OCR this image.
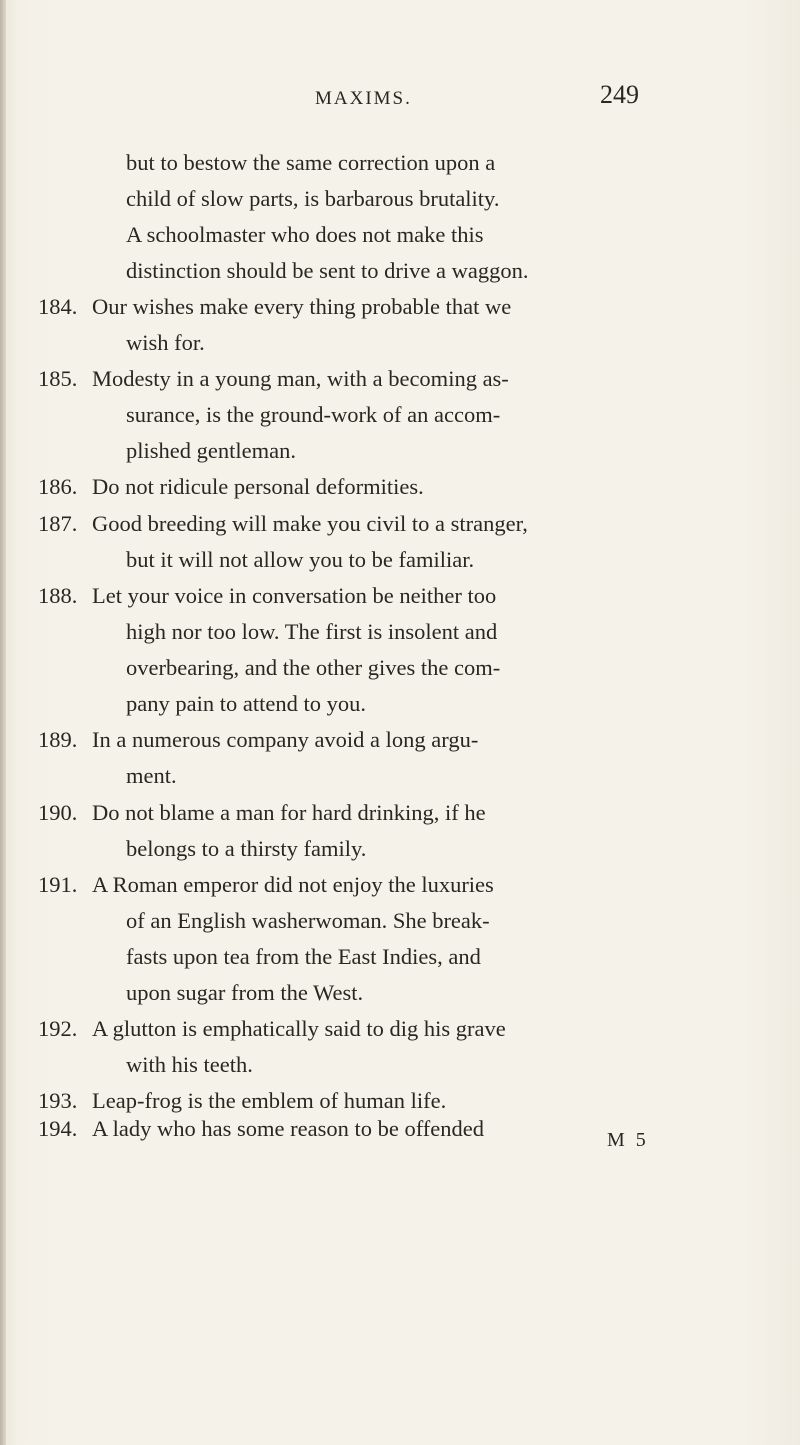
MAXIMS.	249
but to bestow the same correction upon a
child of slow parts, is barbarous brutality.
A schoolmaster who does not make this
distinction should be sent to drive a waggon.
184. Our wishes make every thing probable that we
wish for.
185. Modesty in a young man, with a becoming as-
surance, is the ground-work of an accom-
plished gentleman.
186. Do not ridicule personal deformities.
187. Good breeding will make you civil to a stranger,
but it will not allow you to be familiar.
188. Let your voice in conversation be neither too
high nor too low. The first is insolent and
overbearing, and the other gives the com-
pany pain to attend to you.
189. In a numerous company avoid a long argu-
ment.
190. Do not blame a man for hard drinking, if he
belongs to a thirsty family.
191. A Roman emperor did not enjoy the luxuries
of an English washerwoman. She break-
fasts upon tea from the East Indies, and
upon sugar from the West.
192. A glutton is emphatically said to dig his grave
with his teeth.
193. Leap-frog is the emblem of human life.
194. A lady who has some reason to be offended	M 5
